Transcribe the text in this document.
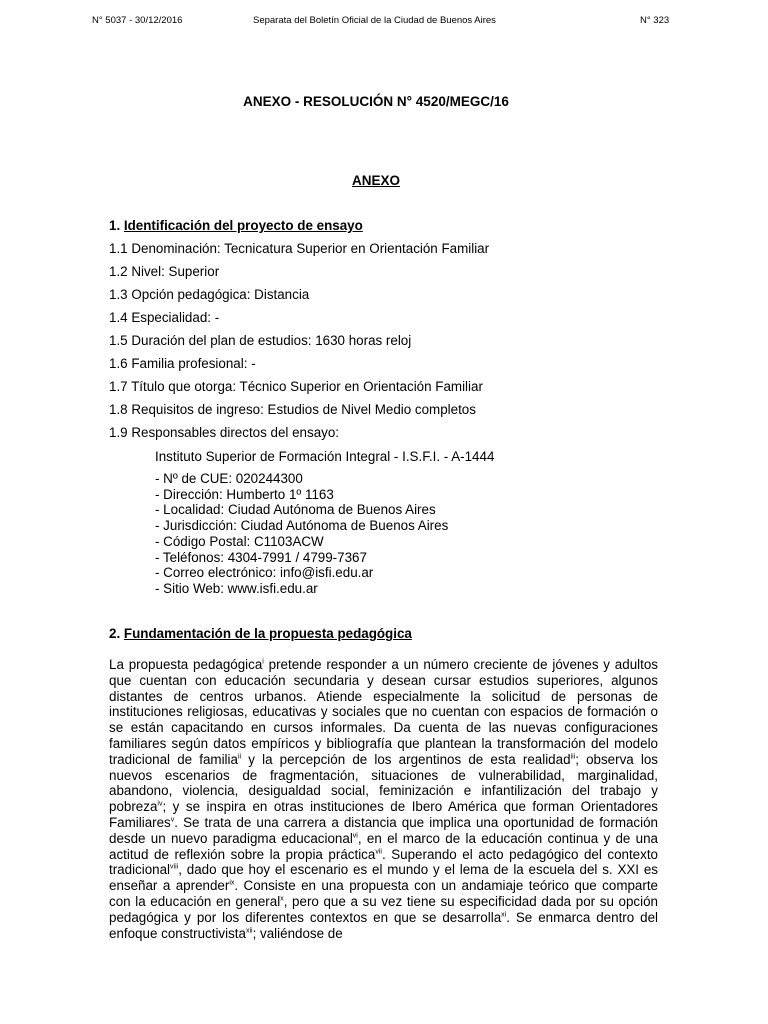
N° 5037 - 30/12/2016	Separata del Boletín Oficial de la Ciudad de Buenos Aires	N° 323
ANEXO - RESOLUCIÓN N° 4520/MEGC/16
ANEXO
1. Identificación del proyecto de ensayo
1.1 Denominación: Tecnicatura Superior en Orientación Familiar
1.2 Nivel: Superior
1.3 Opción pedagógica: Distancia
1.4 Especialidad: -
1.5 Duración del plan de estudios: 1630 horas reloj
1.6 Familia profesional: -
1.7 Título que otorga: Técnico Superior en Orientación Familiar
1.8 Requisitos de ingreso: Estudios de Nivel Medio completos
1.9 Responsables directos del ensayo:
Instituto Superior de Formación Integral - I.S.F.I. - A-1444
- Nº de CUE: 020244300
- Dirección: Humberto 1º 1163
- Localidad: Ciudad Autónoma de Buenos Aires
- Jurisdicción: Ciudad Autónoma de Buenos Aires
- Código Postal: C1103ACW
- Teléfonos: 4304-7991 / 4799-7367
- Correo electrónico: info@isfi.edu.ar
- Sitio Web: www.isfi.edu.ar
2. Fundamentación de la propuesta pedagógica
La propuesta pedagógica$^i$ pretende responder a un número creciente de jóvenes y adultos que cuentan con educación secundaria y desean cursar estudios superiores, algunos distantes de centros urbanos. Atiende especialmente la solicitud de personas de instituciones religiosas, educativas y sociales que no cuentan con espacios de formación o se están capacitando en cursos informales. Da cuenta de las nuevas configuraciones familiares según datos empíricos y bibliografía que plantean la transformación del modelo tradicional de familia$^{ii}$ y la percepción de los argentinos de esta realidad$^{iii}$; observa los nuevos escenarios de fragmentación, situaciones de vulnerabilidad, marginalidad, abandono, violencia, desigualdad social, feminización e infantilización del trabajo y pobreza$^{iv}$; y se inspira en otras instituciones de Ibero América que forman Orientadores Familiares$^v$. Se trata de una carrera a distancia que implica una oportunidad de formación desde un nuevo paradigma educacional$^{vi}$, en el marco de la educación continua y de una actitud de reflexión sobre la propia práctica$^{vii}$. Superando el acto pedagógico del contexto tradicional$^{viii}$, dado que hoy el escenario es el mundo y el lema de la escuela del s. XXI es enseñar a aprender$^{ix}$. Consiste en una propuesta con un andamiaje teórico que comparte con la educación en general$^x$, pero que a su vez tiene su especificidad dada por su opción pedagógica y por los diferentes contextos en que se desarrolla$^{xi}$. Se enmarca dentro del enfoque constructivista$^{xii}$; valiéndose de
